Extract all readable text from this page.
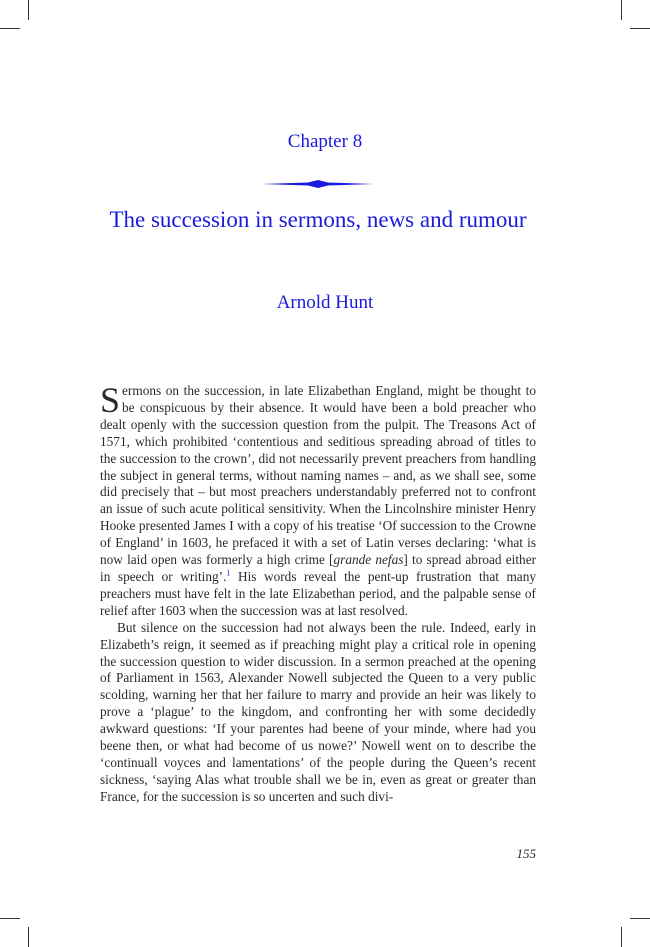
Chapter 8
The succession in sermons, news and rumour
Arnold Hunt

Sermons on the succession, in late Elizabethan England, might be thought to be conspicuous by their absence. It would have been a bold preacher who dealt openly with the succession question from the pulpit. The Treasons Act of 1571, which prohibited ‘contentious and seditious spreading abroad of titles to the succession to the crown’, did not necessarily prevent preachers from handling the subject in general terms, without naming names – and, as we shall see, some did precisely that – but most preachers understandably preferred not to confront an issue of such acute political sensitivity. When the Lincolnshire minister Henry Hooke presented James I with a copy of his treatise ‘Of succession to the Crowne of England’ in 1603, he prefaced it with a set of Latin verses declaring: ‘what is now laid open was formerly a high crime [grande nefas] to spread abroad either in speech or writing’.$^1$ His words reveal the pent-up frustration that many preachers must have felt in the late Elizabethan period, and the palpable sense of relief after 1603 when the succession was at last resolved.

But silence on the succession had not always been the rule. Indeed, early in Elizabeth’s reign, it seemed as if preaching might play a critical role in opening the succession question to wider discussion. In a sermon preached at the opening of Parliament in 1563, Alexander Nowell subjected the Queen to a very public scolding, warning her that her failure to marry and provide an heir was likely to prove a ‘plague’ to the kingdom, and confronting her with some decidedly awkward questions: ‘If your parentes had beene of your minde, where had you beene then, or what had become of us nowe?’ Nowell went on to describe the ‘continuall voyces and lamentations’ of the people during the Queen’s recent sickness, ‘saying Alas what trouble shall we be in, even as great or greater than France, for the succession is so uncerten and such divi-

155
